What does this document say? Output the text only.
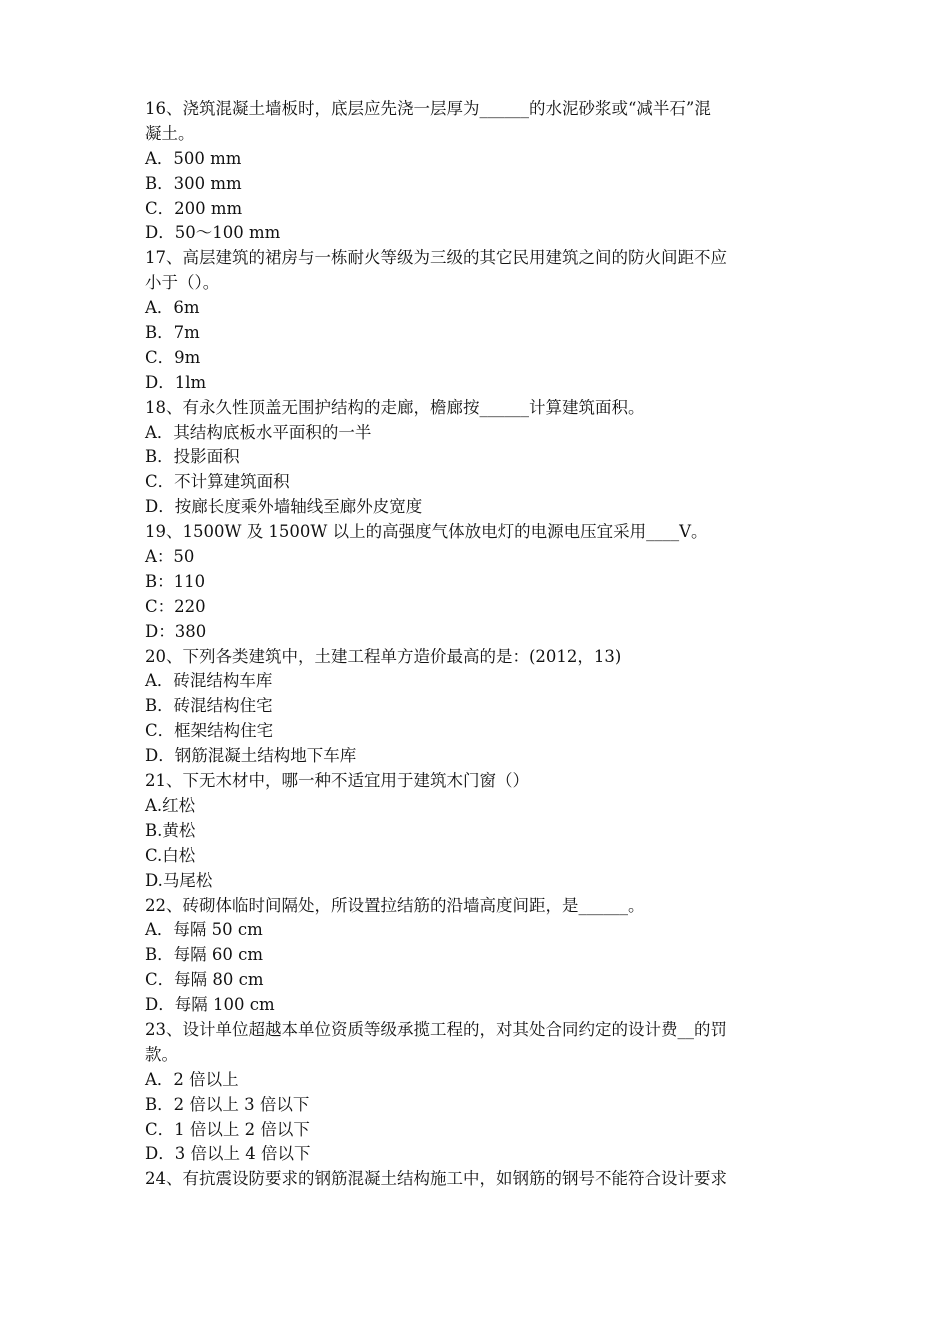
16、浇筑混凝土墙板时，底层应先浇一层厚为______的水泥砂浆或“减半石”混
凝土。
A．500 mm
B．300 mm
C．200 mm
D．50～100 mm
17、高层建筑的裙房与一栋耐火等级为三级的其它民用建筑之间的防火间距不应
小于（）。
A．6m
B．7m
C．9m
D．1lm
18、有永久性顶盖无围护结构的走廊，檐廊按______计算建筑面积。
A．其结构底板水平面积的一半
B．投影面积
C．不计算建筑面积
D．按廊长度乘外墙轴线至廊外皮宽度
19、1500W 及 1500W 以上的高强度气体放电灯的电源电压宜采用____V。
A：50
B：110
C：220
D：380
20、下列各类建筑中，土建工程单方造价最高的是：(2012，13)
A．砖混结构车库
B．砖混结构住宅
C．框架结构住宅
D．钢筋混凝土结构地下车库
21、下无木材中，哪一种不适宜用于建筑木门窗（）
A.红松
B.黄松
C.白松
D.马尾松
22、砖砌体临时间隔处，所设置拉结筋的沿墙高度间距，是______。
A．每隔 50 cm
B．每隔 60 cm
C．每隔 80 cm
D．每隔 100 cm
23、设计单位超越本单位资质等级承揽工程的，对其处合同约定的设计费__的罚
款。
A．2 倍以上
B．2 倍以上 3 倍以下
C．1 倍以上 2 倍以下
D．3 倍以上 4 倍以下
24、有抗震设防要求的钢筋混凝土结构施工中，如钢筋的钢号不能符合设计要求
